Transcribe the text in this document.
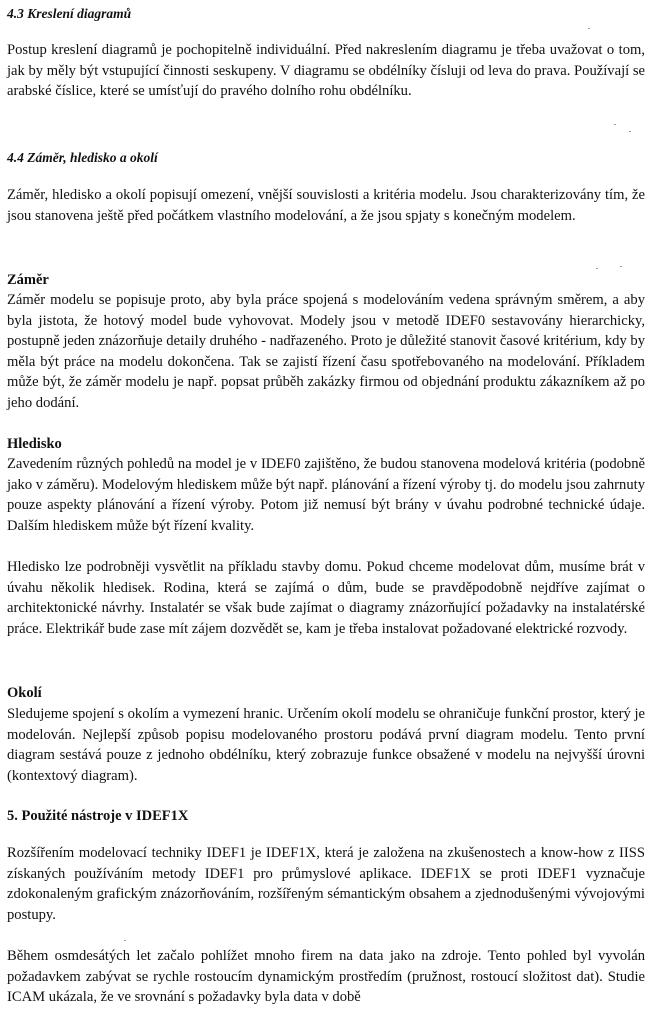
4.3 Kreslení diagramů

Postup kreslení diagramů je pochopitelně individuální. Před nakreslením diagramu je třeba uvažovat o tom, jak by měly být vstupující činnosti seskupeny. V diagramu se obdélníky čísluji od leva do prava. Používají se arabské číslice, které se umísťují do pravého dolního rohu obdélníku.

4.4 Záměr, hledisko a okolí

Záměr, hledisko a okolí popisují omezení, vnější souvislosti a kritéria modelu. Jsou charakterizovány tím, že jsou stanovena ještě před počátkem vlastního modelování, a že jsou spjaty s konečným modelem.

Záměr

Záměr modelu se popisuje proto, aby byla práce spojená s modelováním vedena správným směrem, a aby byla jistota, že hotový model bude vyhovovat. Modely jsou v metodě IDEF0 sestavovány hierarchicky, postupně jeden znázorňuje detaily druhého - nadřazeného. Proto je důležité stanovit časové kritérium, kdy by měla být práce na modelu dokončena. Tak se zajistí řízení času spotřebovaného na modelování. Příkladem může být, že záměr modelu je např. popsat průběh zakázky firmou od objednání produktu zákazníkem až po jeho dodání.

Hledisko

Zavedením různých pohledů na model je v IDEF0 zajištěno, že budou stanovena modelová kritéria (podobně jako v záměru). Modelovým hlediskem může být např. plánování a řízení výroby tj. do modelu jsou zahrnuty pouze aspekty plánování a řízení výroby. Potom již nemusí být brány v úvahu podrobné technické údaje. Dalším hlediskem může být řízení kvality.

Hledisko lze podrobněji vysvětlit na příkladu stavby domu. Pokud chceme modelovat dům, musíme brát v úvahu několik hledisek. Rodina, která se zajímá o dům, bude se pravděpodobně nejdříve zajímat o architektonické návrhy. Instalatér se však bude zajímat o diagramy znázorňující požadavky na instalatérské práce. Elektrikář bude zase mít zájem dozvědět se, kam je třeba instalovat požadované elektrické rozvody.

Okolí

Sledujeme spojení s okolím a vymezení hranic. Určením okolí modelu se ohraničuje funkční prostor, který je modelován. Nejlepší způsob popisu modelovaného prostoru podává první diagram modelu. Tento první diagram sestává pouze z jednoho obdélníku, který zobrazuje funkce obsažené v modelu na nejvyšší úrovni (kontextový diagram).

5. Použité nástroje v IDEF1X

Rozšířením modelovací techniky IDEF1 je IDEF1X, která je založena na zkušenostech a know-how z IISS získaných používáním metody IDEF1 pro průmyslové aplikace. IDEF1X se proti IDEF1 vyznačuje zdokonaleným grafickým znázorňováním, rozšířeným sémantickým obsahem a zjednodušenými vývojovými postupy.

Během osmdesátých let začalo pohlížet mnoho firem na data jako na zdroje. Tento pohled byl vyvolán požadavkem zabývat se rychle rostoucím dynamickým prostředím (pružnost, rostoucí složitost dat). Studie ICAM ukázala, že ve srovnání s požadavky byla data v době
